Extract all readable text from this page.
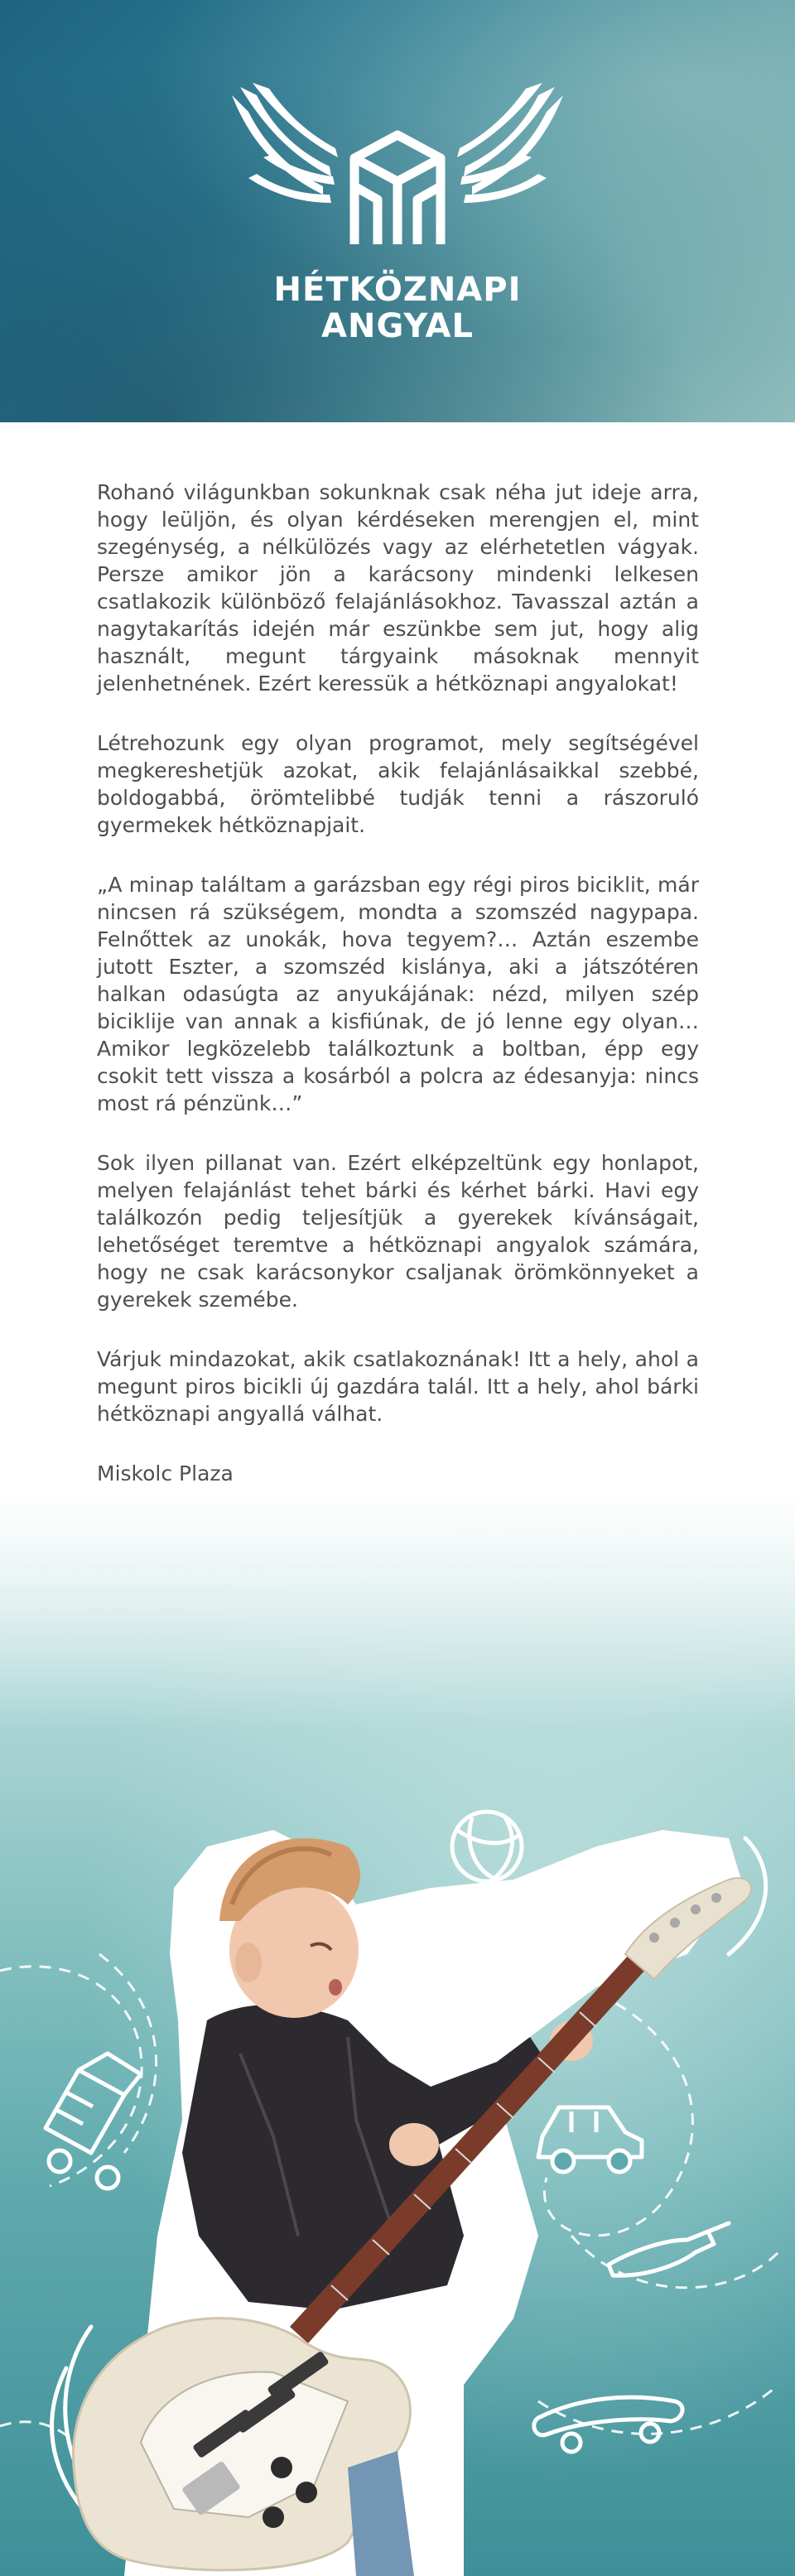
HÉTKÖZNAPI
ANGYAL

Rohanó világunkban sokunknak csak néha jut ideje arra, hogy leüljön, és olyan kérdéseken merengjen el, mint szegénység, a nélkülözés vagy az elérhetetlen vágyak. Persze amikor jön a karácsony mindenki lelkesen csatlakozik különböző felajánlásokhoz. Tavasszal aztán a nagytakarítás idején már eszünkbe sem jut, hogy alig használt, megunt tárgyaink másoknak mennyit jelenhetnének. Ezért keressük a hétköznapi angyalokat!

Létrehozunk egy olyan programot, mely segítségével megkereshetjük azokat, akik felajánlásaikkal szebbé, boldogabbá, örömtelibbé tudják tenni a rászoruló gyermekek hétköznapjait.

„A minap találtam a garázsban egy régi piros biciklit, már nincsen rá szükségem, mondta a szomszéd nagypapa. Felnőttek az unokák, hova tegyem?… Aztán eszembe jutott Eszter, a szomszéd kislánya, aki a játszótéren halkan odasúgta az anyukájának: nézd, milyen szép biciklije van annak a kisfiúnak, de jó lenne egy olyan… Amikor legközelebb találkoztunk a boltban, épp egy csokit tett vissza a kosárból a polcra az édesanyja: nincs most rá pénzünk…”

Sok ilyen pillanat van. Ezért elképzeltünk egy honlapot, melyen felajánlást tehet bárki és kérhet bárki. Havi egy találkozón pedig teljesítjük a gyerekek kívánságait, lehetőséget teremtve a hétköznapi angyalok számára, hogy ne csak karácsonykor csaljanak örömkönnyeket a gyerekek szemébe.

Várjuk mindazokat, akik csatlakoznának! Itt a hely, ahol a megunt piros bicikli új gazdára talál. Itt a hely, ahol bárki hétköznapi angyallá válhat.

Miskolc Plaza
